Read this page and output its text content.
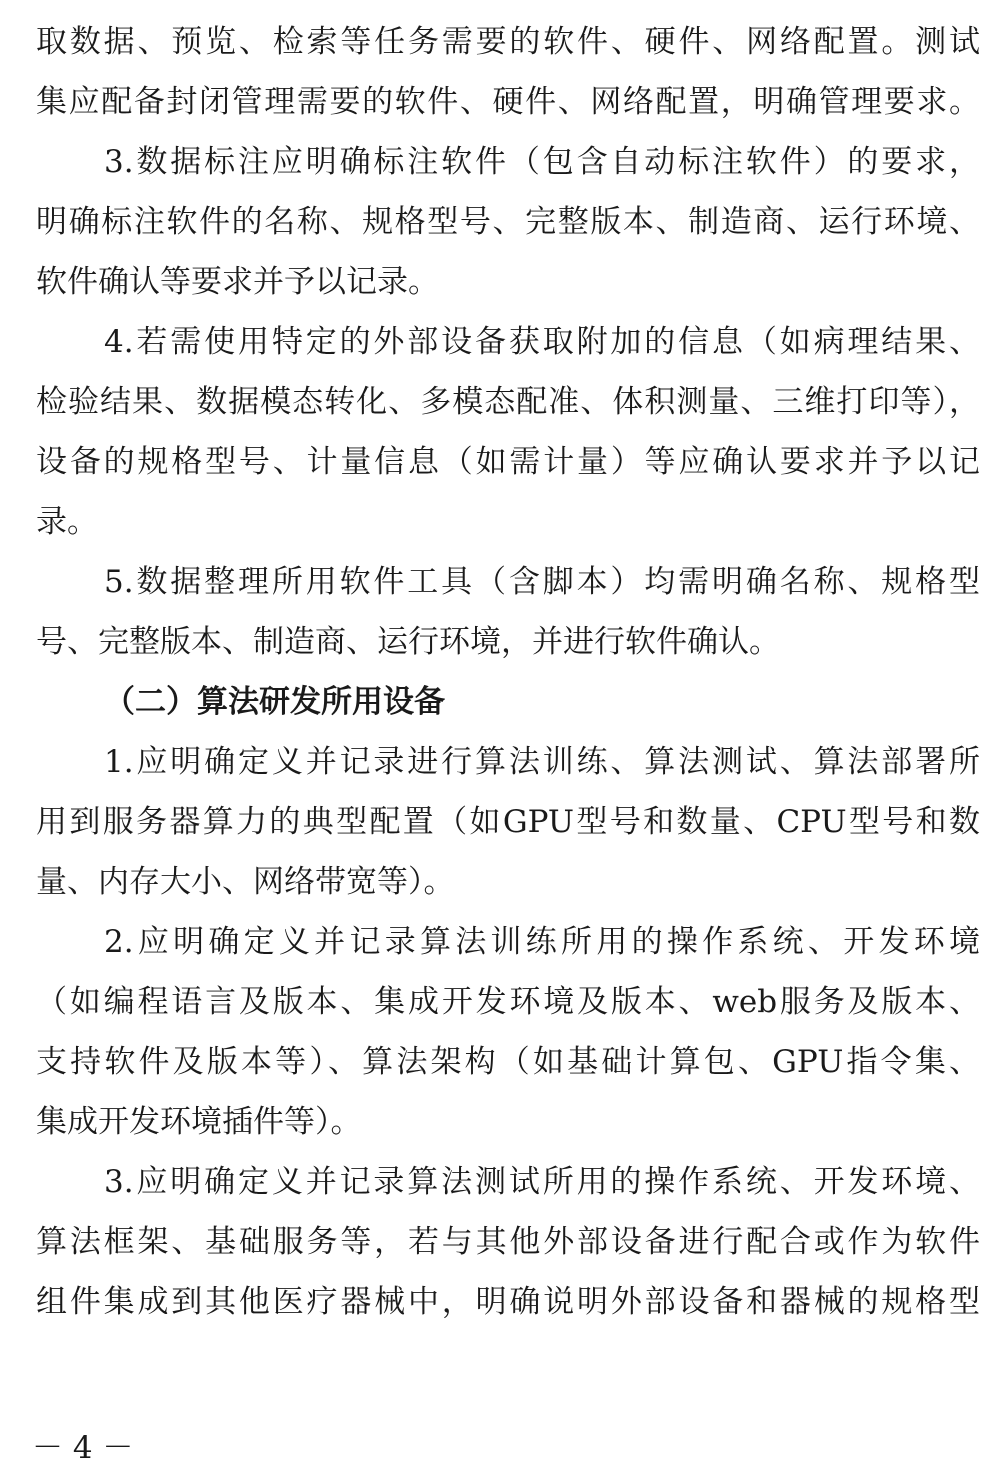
取数据、预览、检索等任务需要的软件、硬件、网络配置。测试
集应配备封闭管理需要的软件、硬件、网络配置，明确管理要求。
3.数据标注应明确标注软件（包含自动标注软件）的要求，
明确标注软件的名称、规格型号、完整版本、制造商、运行环境、
软件确认等要求并予以记录。
4.若需使用特定的外部设备获取附加的信息（如病理结果、
检验结果、数据模态转化、多模态配准、体积测量、三维打印等），
设备的规格型号、计量信息（如需计量）等应确认要求并予以记
录。
5.数据整理所用软件工具（含脚本）均需明确名称、规格型
号、完整版本、制造商、运行环境，并进行软件确认。
（二）算法研发所用设备
1.应明确定义并记录进行算法训练、算法测试、算法部署所
用到服务器算力的典型配置（如GPU型号和数量、CPU型号和数
量、内存大小、网络带宽等）。
2.应明确定义并记录算法训练所用的操作系统、开发环境
（如编程语言及版本、集成开发环境及版本、web服务及版本、
支持软件及版本等）、算法架构（如基础计算包、GPU指令集、
集成开发环境插件等）。
3.应明确定义并记录算法测试所用的操作系统、开发环境、
算法框架、基础服务等，若与其他外部设备进行配合或作为软件
组件集成到其他医疗器械中，明确说明外部设备和器械的规格型
－ 4 －
